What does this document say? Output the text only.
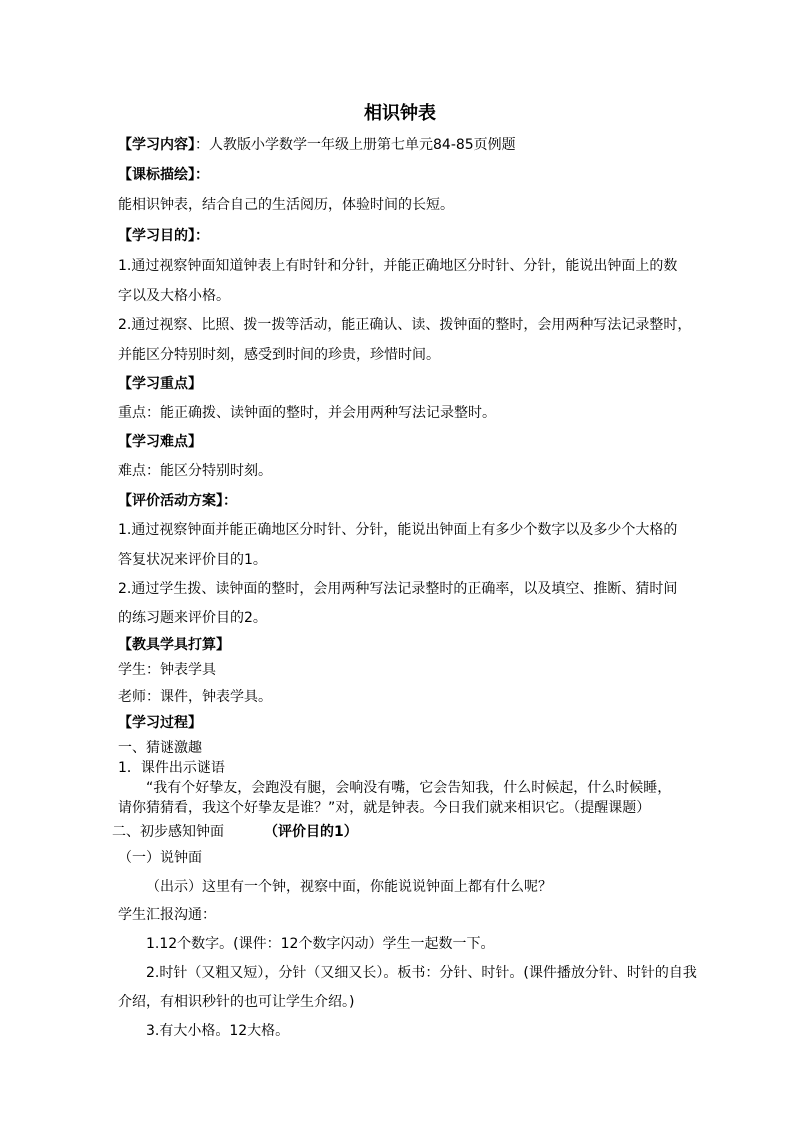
相识钟表
【学习内容】：人教版小学数学一年级上册第七单元84-85页例题
【课标描绘】：
能相识钟表，结合自己的生活阅历，体验时间的长短。
【学习目的】：
1.通过视察钟面知道钟表上有时针和分针，并能正确地区分时针、分针，能说出钟面上的数
字以及大格小格。
2.通过视察、比照、拨一拨等活动，能正确认、读、拨钟面的整时，会用两种写法记录整时，
并能区分特别时刻，感受到时间的珍贵，珍惜时间。
【学习重点】
重点：能正确拨、读钟面的整时，并会用两种写法记录整时。
【学习难点】
难点：能区分特别时刻。
【评价活动方案】：
1.通过视察钟面并能正确地区分时针、分针，能说出钟面上有多少个数字以及多少个大格的
答复状况来评价目的1。
2.通过学生拨、读钟面的整时，会用两种写法记录整时的正确率，以及填空、推断、猜时间
的练习题来评价目的2。
【教具学具打算】
学生：钟表学具
老师：课件，钟表学具。
【学习过程】
一、猜谜激趣
1．课件出示谜语
“我有个好挚友，会跑没有腿，会响没有嘴，它会告知我，什么时候起，什么时候睡，
请你猜猜看，我这个好挚友是谁？”对，就是钟表。今日我们就来相识它。（提醒课题）
二、初步感知钟面	（评价目的1）
（一）说钟面
（出示）这里有一个钟，视察中面，你能说说钟面上都有什么呢？
学生汇报沟通：
1.12个数字。(课件：12个数字闪动）学生一起数一下。
2.时针（又粗又短），分针（又细又长）。板书：分针、时针。(课件播放分针、时针的自我
介绍，有相识秒针的也可让学生介绍。)
3.有大小格。12大格。
